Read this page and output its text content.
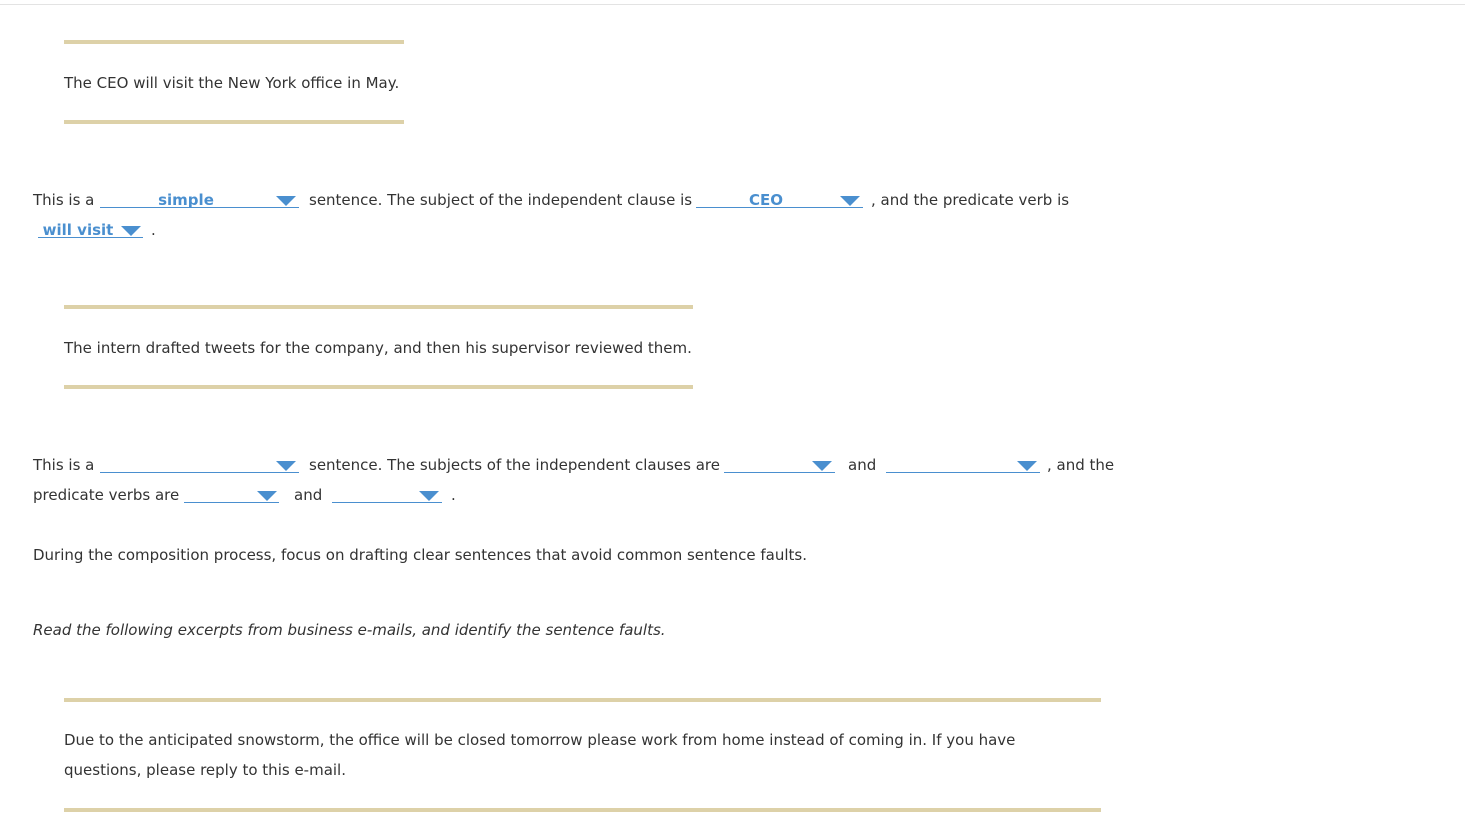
The CEO will visit the New York office in May.
This is a	simple	sentence. The subject of the independent clause is	CEO	, and the predicate verb is
will visit	.
The intern drafted tweets for the company, and then his supervisor reviewed them.
This is a	sentence. The subjects of the independent clauses are	and	, and the
predicate verbs are	and	.
During the composition process, focus on drafting clear sentences that avoid common sentence faults.
Read the following excerpts from business e-mails, and identify the sentence faults.
Due to the anticipated snowstorm, the office will be closed tomorrow please work from home instead of coming in. If you have
questions, please reply to this e-mail.
